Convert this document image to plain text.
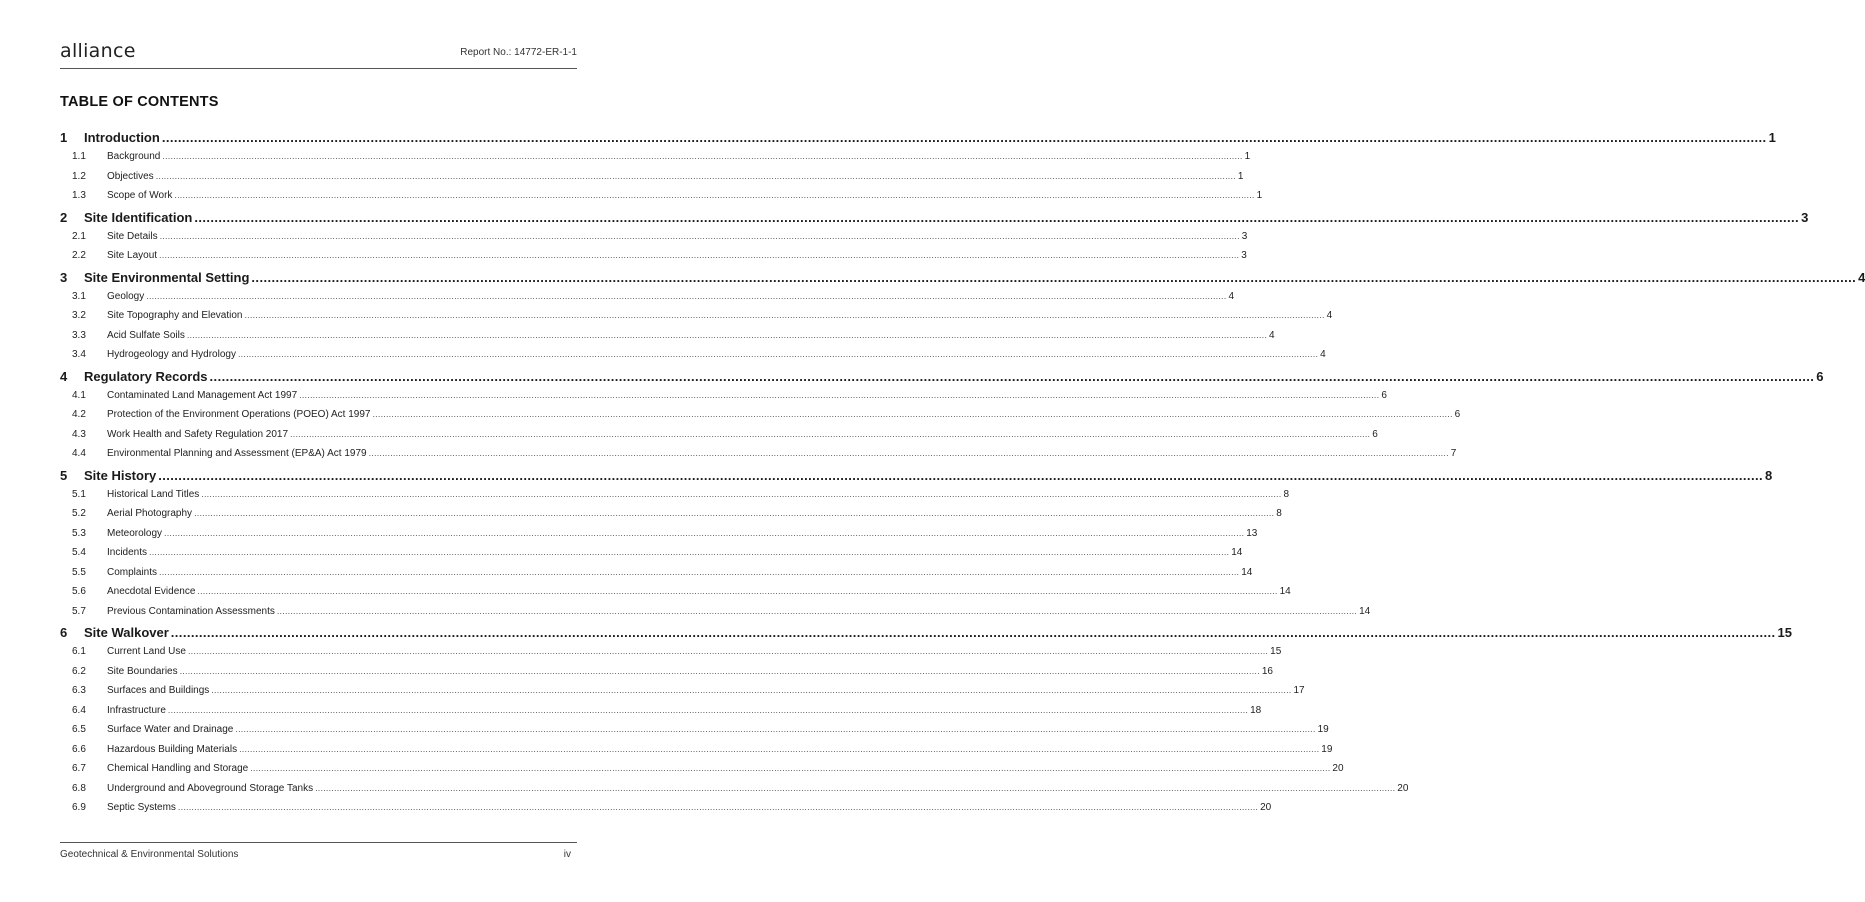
alliance	Report No.: 14772-ER-1-1
TABLE OF CONTENTS
1	Introduction ................................................................................................................................................................................................................................................................................................................................................................................................................ 1
1.1	Background ................................................................................................................................................................................................................................................................................................................................................................................................................ 1
1.2	Objectives ................................................................................................................................................................................................................................................................................................................................................................................................................ 1
1.3	Scope of Work ................................................................................................................................................................................................................................................................................................................................................................................................................ 1
2	Site Identification ................................................................................................................................................................................................................................................................................................................................................................................................................ 3
2.1	Site Details ................................................................................................................................................................................................................................................................................................................................................................................................................ 3
2.2	Site Layout ................................................................................................................................................................................................................................................................................................................................................................................................................ 3
3	Site Environmental Setting ................................................................................................................................................................................................................................................................................................................................................................................................................ 4
3.1	Geology ................................................................................................................................................................................................................................................................................................................................................................................................................ 4
3.2	Site Topography and Elevation ................................................................................................................................................................................................................................................................................................................................................................................................................ 4
3.3	Acid Sulfate Soils ................................................................................................................................................................................................................................................................................................................................................................................................................ 4
3.4	Hydrogeology and Hydrology ................................................................................................................................................................................................................................................................................................................................................................................................................ 4
4	Regulatory Records ................................................................................................................................................................................................................................................................................................................................................................................................................ 6
4.1	Contaminated Land Management Act 1997 ................................................................................................................................................................................................................................................................................................................................................................................................................ 6
4.2	Protection of the Environment Operations (POEO) Act 1997 ................................................................................................................................................................................................................................................................................................................................................................................................................ 6
4.3	Work Health and Safety Regulation 2017 ................................................................................................................................................................................................................................................................................................................................................................................................................ 6
4.4	Environmental Planning and Assessment (EP&A) Act 1979 ................................................................................................................................................................................................................................................................................................................................................................................................................ 7
5	Site History ................................................................................................................................................................................................................................................................................................................................................................................................................ 8
5.1	Historical Land Titles ................................................................................................................................................................................................................................................................................................................................................................................................................ 8
5.2	Aerial Photography ................................................................................................................................................................................................................................................................................................................................................................................................................ 8
5.3	Meteorology ................................................................................................................................................................................................................................................................................................................................................................................................................ 13
5.4	Incidents ................................................................................................................................................................................................................................................................................................................................................................................................................ 14
5.5	Complaints ................................................................................................................................................................................................................................................................................................................................................................................................................ 14
5.6	Anecdotal Evidence ................................................................................................................................................................................................................................................................................................................................................................................................................ 14
5.7	Previous Contamination Assessments ................................................................................................................................................................................................................................................................................................................................................................................................................ 14
6	Site Walkover ................................................................................................................................................................................................................................................................................................................................................................................................................ 15
6.1	Current Land Use ................................................................................................................................................................................................................................................................................................................................................................................................................ 15
6.2	Site Boundaries ................................................................................................................................................................................................................................................................................................................................................................................................................ 16
6.3	Surfaces and Buildings ................................................................................................................................................................................................................................................................................................................................................................................................................ 17
6.4	Infrastructure ................................................................................................................................................................................................................................................................................................................................................................................................................ 18
6.5	Surface Water and Drainage ................................................................................................................................................................................................................................................................................................................................................................................................................ 19
6.6	Hazardous Building Materials ................................................................................................................................................................................................................................................................................................................................................................................................................ 19
6.7	Chemical Handling and Storage ................................................................................................................................................................................................................................................................................................................................................................................................................ 20
6.8	Underground and Aboveground Storage Tanks ................................................................................................................................................................................................................................................................................................................................................................................................................ 20
6.9	Septic Systems ................................................................................................................................................................................................................................................................................................................................................................................................................ 20
Geotechnical & Environmental Solutions	iv
